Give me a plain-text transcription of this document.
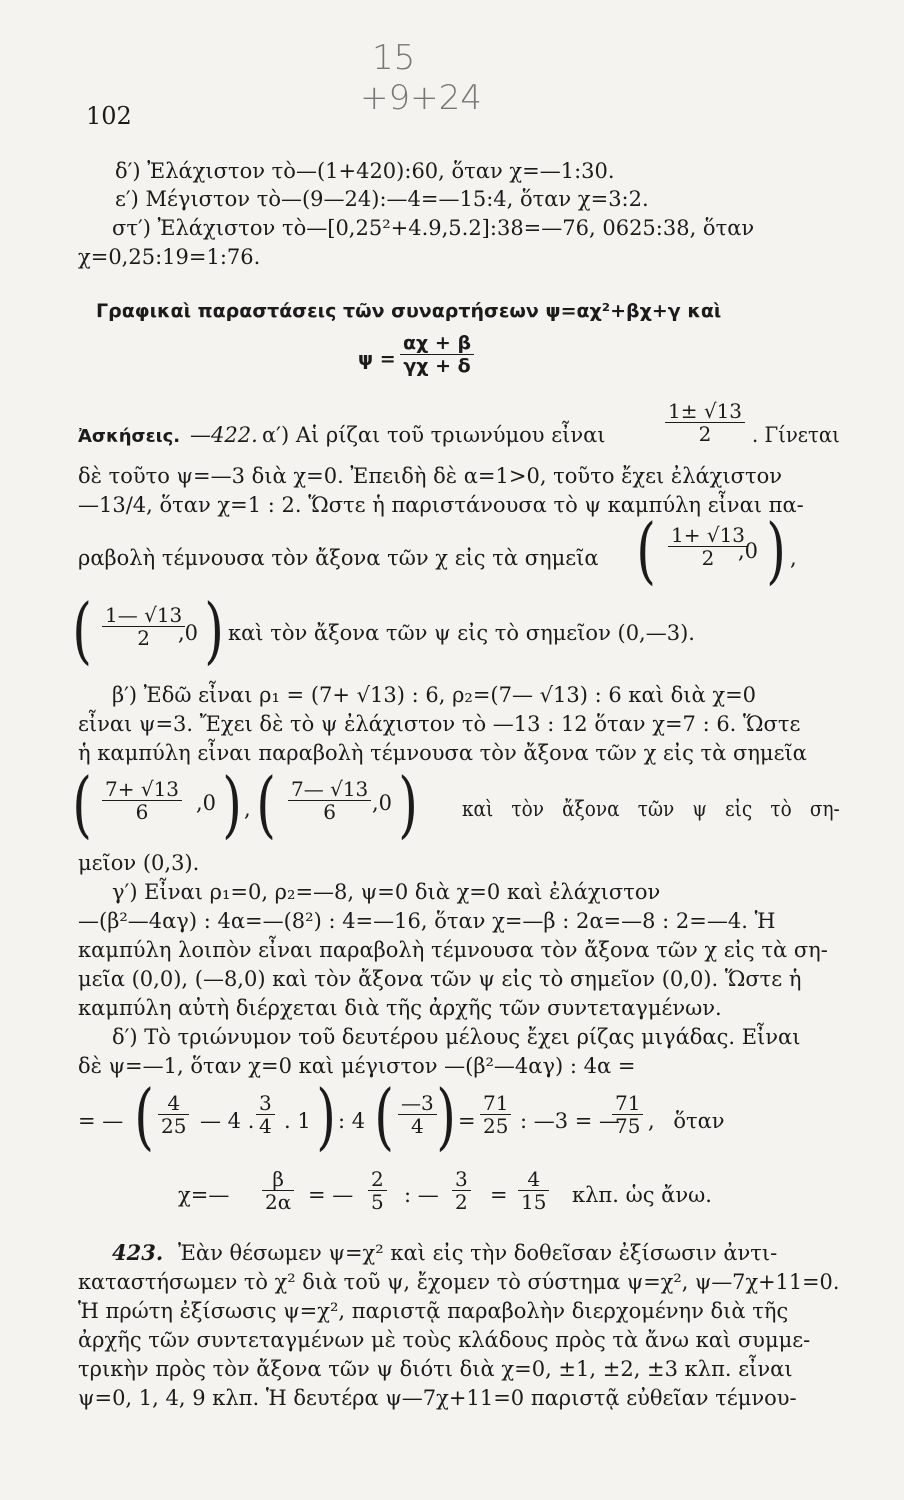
15
+9+24
102
δ′) Ἐλάχιστον τὸ—(1+420):60, ὅταν χ=—1:30.
ε′) Μέγιστον τὸ—(9—24):—4=—15:4, ὅταν χ=3:2.
στ′) Ἐλάχιστον τὸ—[0,25²+4.9,5.2]:38=—76, 0625:38, ὅταν
χ=0,25:19=1:76.
Γραφικαὶ παραστάσεις τῶν συναρτήσεων ψ=αχ²+βχ+γ καὶ
$\psi = \frac{\alpha\chi + \beta}{\gamma\chi + \delta}$
Ἀσκήσεις. —422. α′) Αἱ ρίζαι τοῦ τριωνύμου εἶναι	$\frac{1\pm √13}{2}$ . Γίνεται
δὲ τοῦτο ψ=—3 διὰ χ=0. Ἐπειδὴ δὲ α=1>0, τοῦτο ἔχει ἐλάχιστον
—13/4, ὅταν χ=1 : 2. Ὥστε ἡ παριστάνουσα τὸ ψ καμπύλη εἶναι πα-
ραβολὴ τέμνουσα τὸν ἄξονα τῶν χ εἰς τὰ σημεῖα ( $\frac{1+ √13}{2}$
,0 ) ,
( $\frac{1— √13}{2}$
,0 ) καὶ τὸν ἄξονα τῶν ψ εἰς τὸ σημεῖον (0,—3).
β′) Ἐδῶ εἶναι ρ₁ = (7+ √13) : 6, ρ₂=(7— √13) : 6 καὶ διὰ χ=0
εἶναι ψ=3. Ἔχει δὲ τὸ ψ ἐλάχιστον τὸ —13 : 12 ὅταν χ=7 : 6. Ὥστε
ἡ καμπύλη εἶναι παραβολὴ τέμνουσα τὸν ἄξονα τῶν χ εἰς τὰ σημεῖα
( $\frac{7+ √13}{6} ,0$ ) , ( $\frac{7— √13}{6} ,0$ ) καὶ τὸν ἄξονα τῶν ψ εἰς τὸ ση-
μεῖον (0,3).
γ′) Εἶναι ρ₁=0, ρ₂=—8, ψ=0 διὰ χ=0 καὶ ἐλάχιστον
—(β²—4αγ) : 4α=—(8²) : 4=—16, ὅταν χ=—β : 2α=—8 : 2=—4. Ἡ
καμπύλη λοιπὸν εἶναι παραβολὴ τέμνουσα τὸν ἄξονα τῶν χ εἰς τὰ ση-
μεῖα (0,0), (—8,0) καὶ τὸν ἄξονα τῶν ψ εἰς τὸ σημεῖον (0,0). Ὥστε ἡ
καμπύλη αὐτὴ διέρχεται διὰ τῆς ἀρχῆς τῶν συντεταγμένων.
δ′) Τὸ τριώνυμον τοῦ δευτέρου μέλους ἔχει ρίζας μιγάδας. Εἶναι
δὲ ψ=—1, ὅταν χ=0 καὶ μέγιστον —(β²—4αγ) : 4α =
= — ( $\frac{4}{25}$ — 4 . $\frac{3}{4}$ . 1 ) : 4 ( $\frac{—3}{4}$ ) = $\frac{71}{25}$ : —3 = —
$\frac{71}{75}$ , ὅταν
χ=— $\frac{\beta}{2\alpha}$ = — $\frac{2}{5}$ : — $\frac{3}{2} = \frac{4}{15} \kappa\lambda\pi$. ὡς ἄνω.
423. Ἐὰν θέσωμεν ψ=χ² καὶ εἰς τὴν δοθεῖσαν ἐξίσωσιν ἀντι-
καταστήσωμεν τὸ χ² διὰ τοῦ ψ, ἔχομεν τὸ σύστημα ψ=χ², ψ—7χ+11=0.
Ἡ πρώτη ἐξίσωσις ψ=χ², παριστᾷ παραβολὴν διερχομένην διὰ τῆς
ἀρχῆς τῶν συντεταγμένων μὲ τοὺς κλάδους πρὸς τὰ ἄνω καὶ συμμε-
τρικὴν πρὸς τὸν ἄξονα τῶν ψ διότι διὰ χ=0, ±1, ±2, ±3 κλπ. εἶναι
ψ=0, 1, 4, 9 κλπ. Ἡ δευτέρα ψ—7χ+11=0 παριστᾷ εὐθεῖαν τέμνου-
